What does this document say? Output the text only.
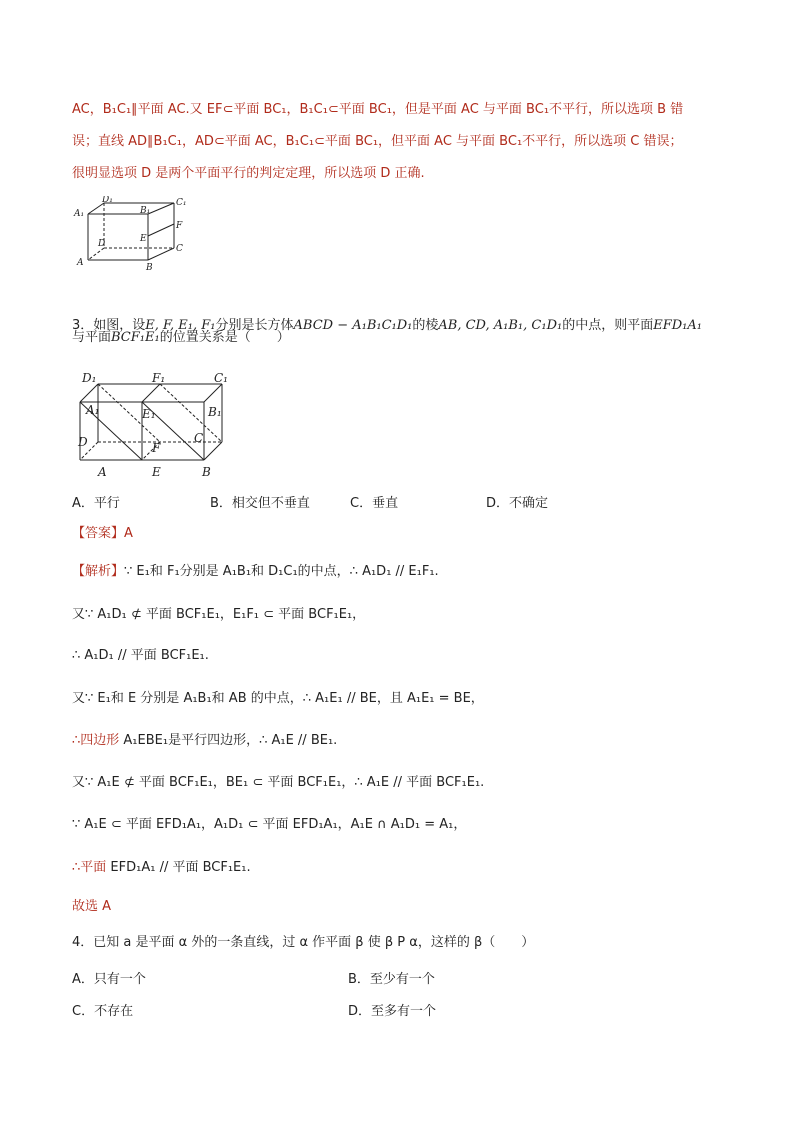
AC，B₁C₁∥平面 AC.又 EF⊂平面 BC₁，B₁C₁⊂平面 BC₁，但是平面 AC 与平面 BC₁不平行，所以选项 B 错
误；直线 AD∥B₁C₁，AD⊂平面 AC，B₁C₁⊂平面 BC₁，但平面 AC 与平面 BC₁不平行，所以选项 C 错误；
很明显选项 D 是两个平面平行的判定定理，所以选项 D 正确.
D₁
A₁	B₁
C₁
E
F
D	C
A	B
3．如图，设E, F, E₁, F₁分别是长方体ABCD − A₁B₁C₁D₁的棱AB, CD, A₁B₁, C₁D₁的中点，则平面EFD₁A₁
与平面BCF₁E₁的位置关系是（　　）
D₁	F₁	C₁
A₁	E₁	B₁
D	C
F
A	E	B
A．平行	B．相交但不垂直	C．垂直	D．不确定
【答案】A
【解析】∵ E₁和 F₁分别是 A₁B₁和 D₁C₁的中点，∴ A₁D₁ // E₁F₁.
又∵ A₁D₁ ⊄ 平面 BCF₁E₁，E₁F₁ ⊂ 平面 BCF₁E₁，
∴ A₁D₁ // 平面 BCF₁E₁.
又∵ E₁和 E 分别是 A₁B₁和 AB 的中点，∴ A₁E₁ // BE，且 A₁E₁ = BE，
∴四边形 A₁EBE₁是平行四边形，∴ A₁E // BE₁.
又∵ A₁E ⊄ 平面 BCF₁E₁，BE₁ ⊂ 平面 BCF₁E₁，∴ A₁E // 平面 BCF₁E₁.
∵ A₁E ⊂ 平面 EFD₁A₁，A₁D₁ ⊂ 平面 EFD₁A₁，A₁E ∩ A₁D₁ = A₁，
∴平面 EFD₁A₁ // 平面 BCF₁E₁.
故选 A
4．已知 a 是平面 α 外的一条直线，过 α 作平面 β 使 β P α，这样的 β（　　）
A．只有一个	B．至少有一个
C．不存在	D．至多有一个
